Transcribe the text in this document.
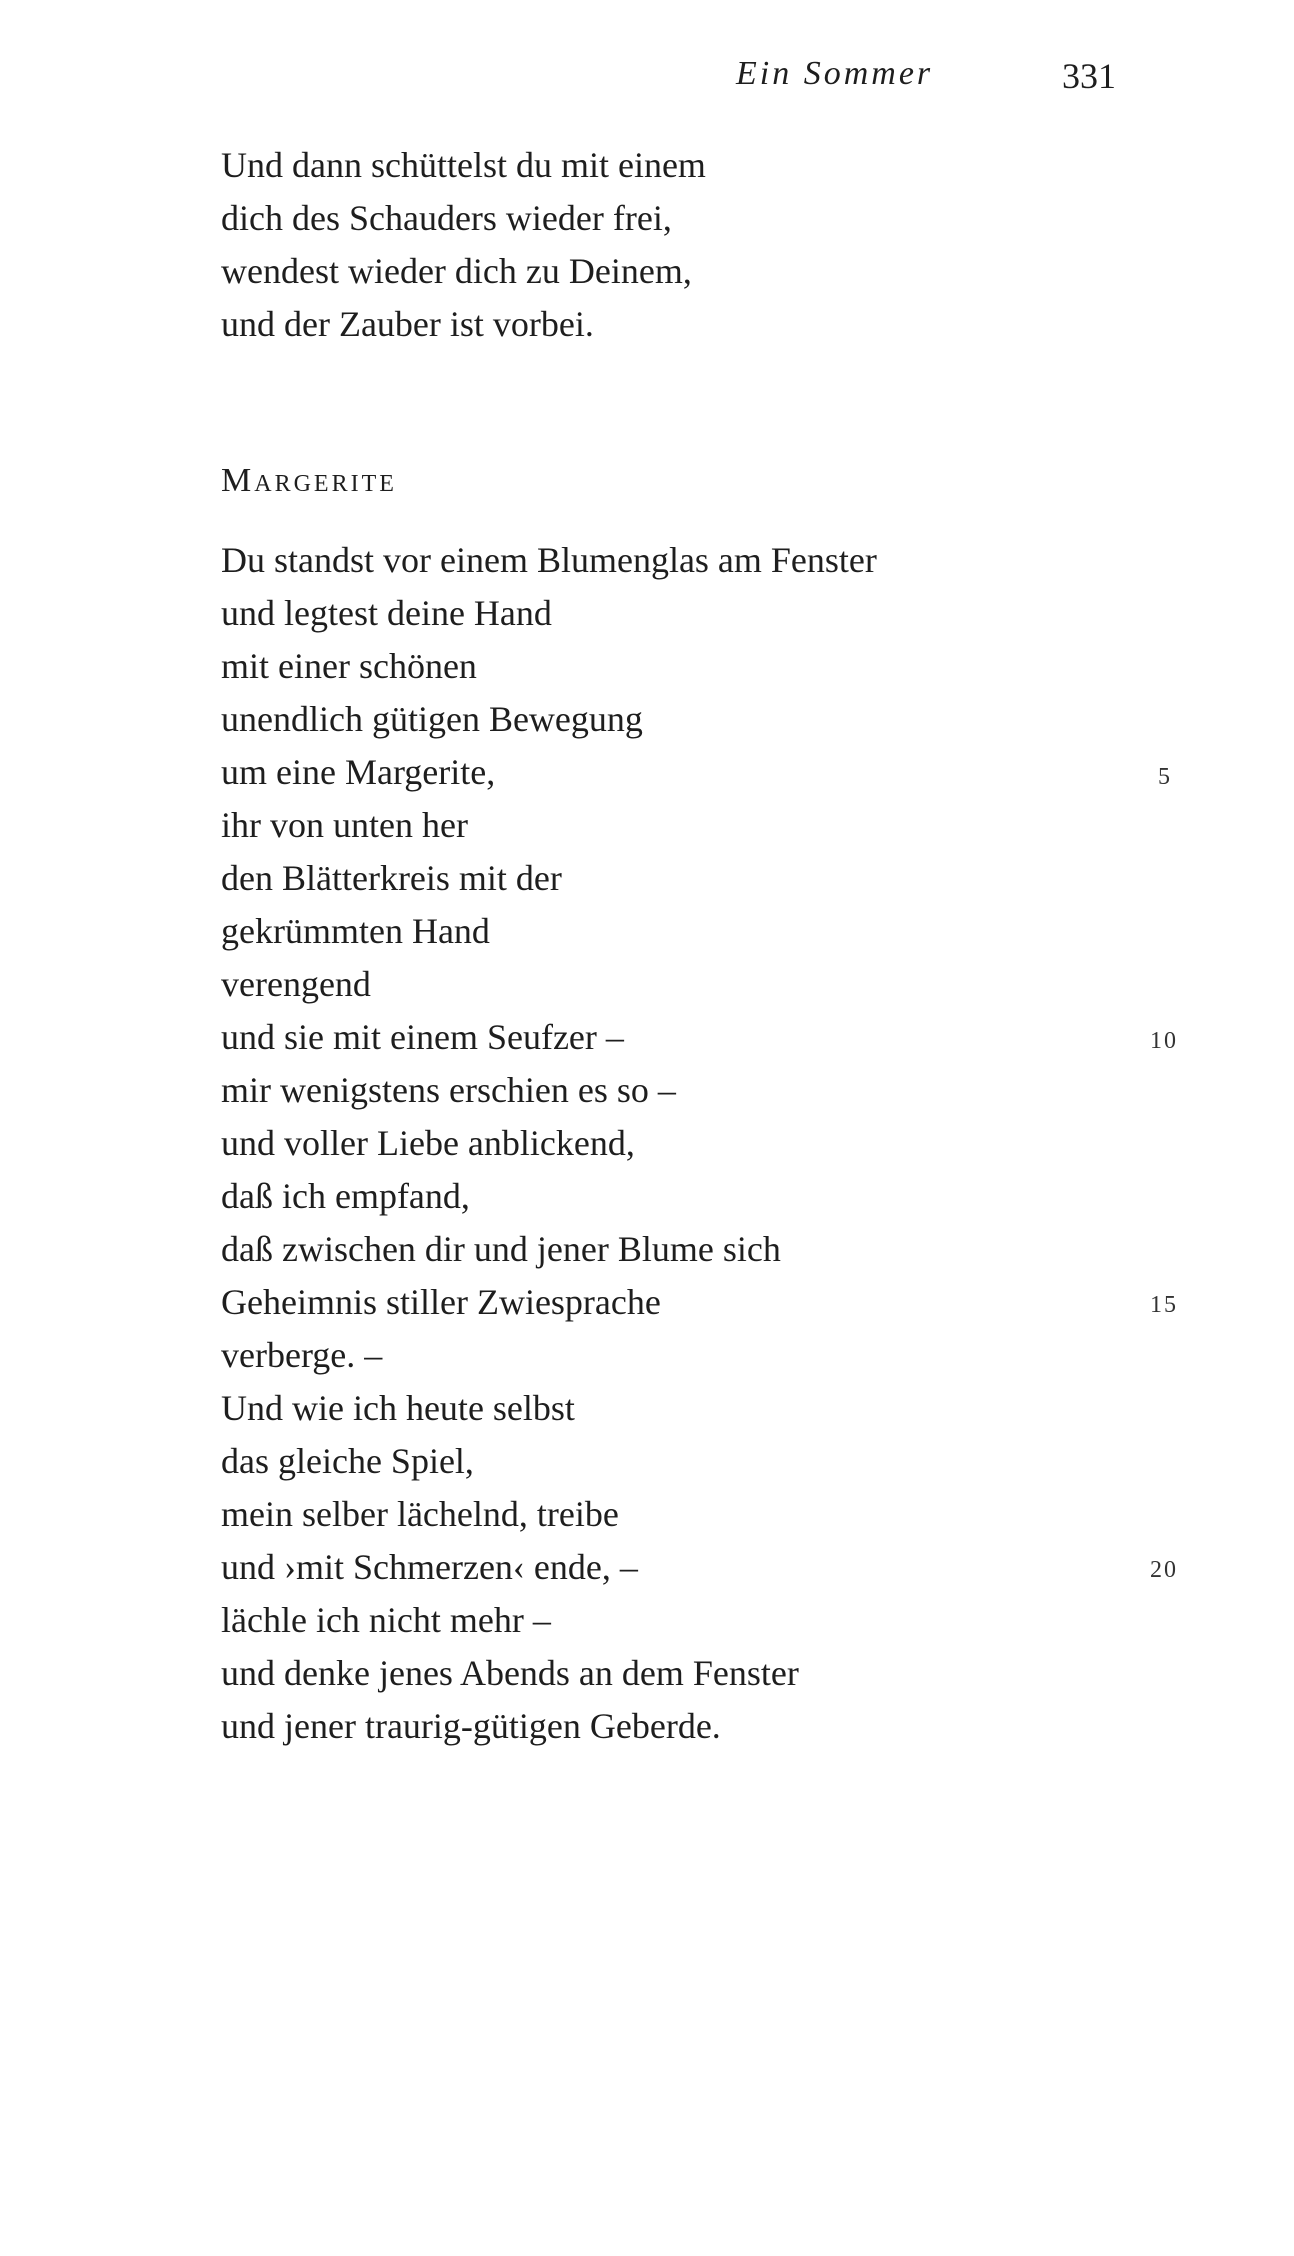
Ein Sommer	331
Und dann schüttelst du mit einem
dich des Schauders wieder frei,
wendest wieder dich zu Deinem,
und der Zauber ist vorbei.
Margerite
Du standst vor einem Blumenglas am Fenster
und legtest deine Hand
mit einer schönen
unendlich gütigen Bewegung
um eine Margerite,
ihr von unten her
den Blätterkreis mit der
gekrümmten Hand
verengend
und sie mit einem Seufzer –
mir wenigstens erschien es so –
und voller Liebe anblickend,
daß ich empfand,
daß zwischen dir und jener Blume sich
Geheimnis stiller Zwiesprache
verberge. –
Und wie ich heute selbst
das gleiche Spiel,
mein selber lächelnd, treibe
und ›mit Schmerzen‹ ende, –
lächle ich nicht mehr –
und denke jenes Abends an dem Fenster
und jener traurig-gütigen Geberde.
5
10
15
20
